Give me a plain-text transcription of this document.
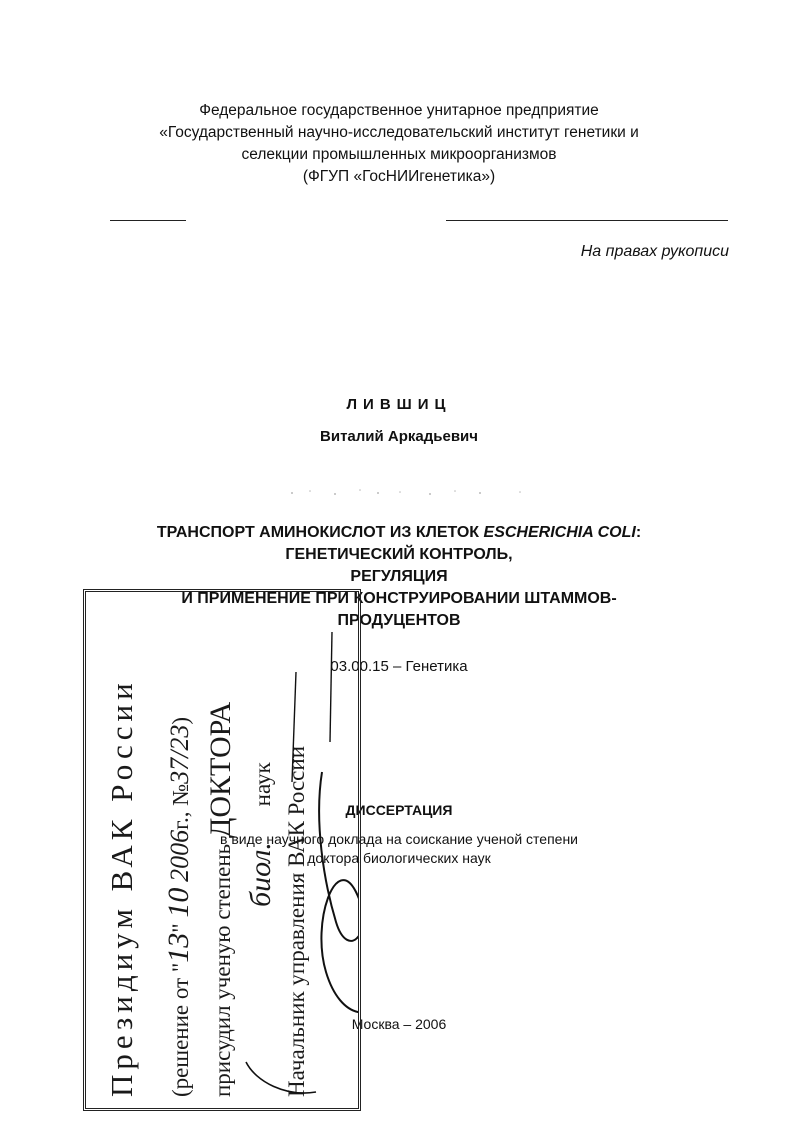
Федеральное государственное унитарное предприятие
«Государственный научно-исследовательский институт генетики и
селекции промышленных микроорганизмов
(ФГУП «ГосНИИгенетика»)
На правах рукописи
ЛИВШИЦ
Виталий Аркадьевич
ТРАНСПОРТ АМИНОКИСЛОТ ИЗ КЛЕТОК ESCHERICHIA COLI:
ГЕНЕТИЧЕСКИЙ КОНТРОЛЬ,
РЕГУЛЯЦИЯ
И ПРИМЕНЕНИЕ ПРИ КОНСТРУИРОВАНИИ ШТАММОВ-
ПРОДУЦЕНТОВ
03.00.15 – Генетика
ДИССЕРТАЦИЯ
в виде научного доклада на соискание ученой степени
доктора биологических наук
Москва – 2006
Президиум ВАК России (решение от "13" 10 2006г., №37/23)
присудил ученую степень ДОКТОРА
биол. наук Начальник управления ВАК России
